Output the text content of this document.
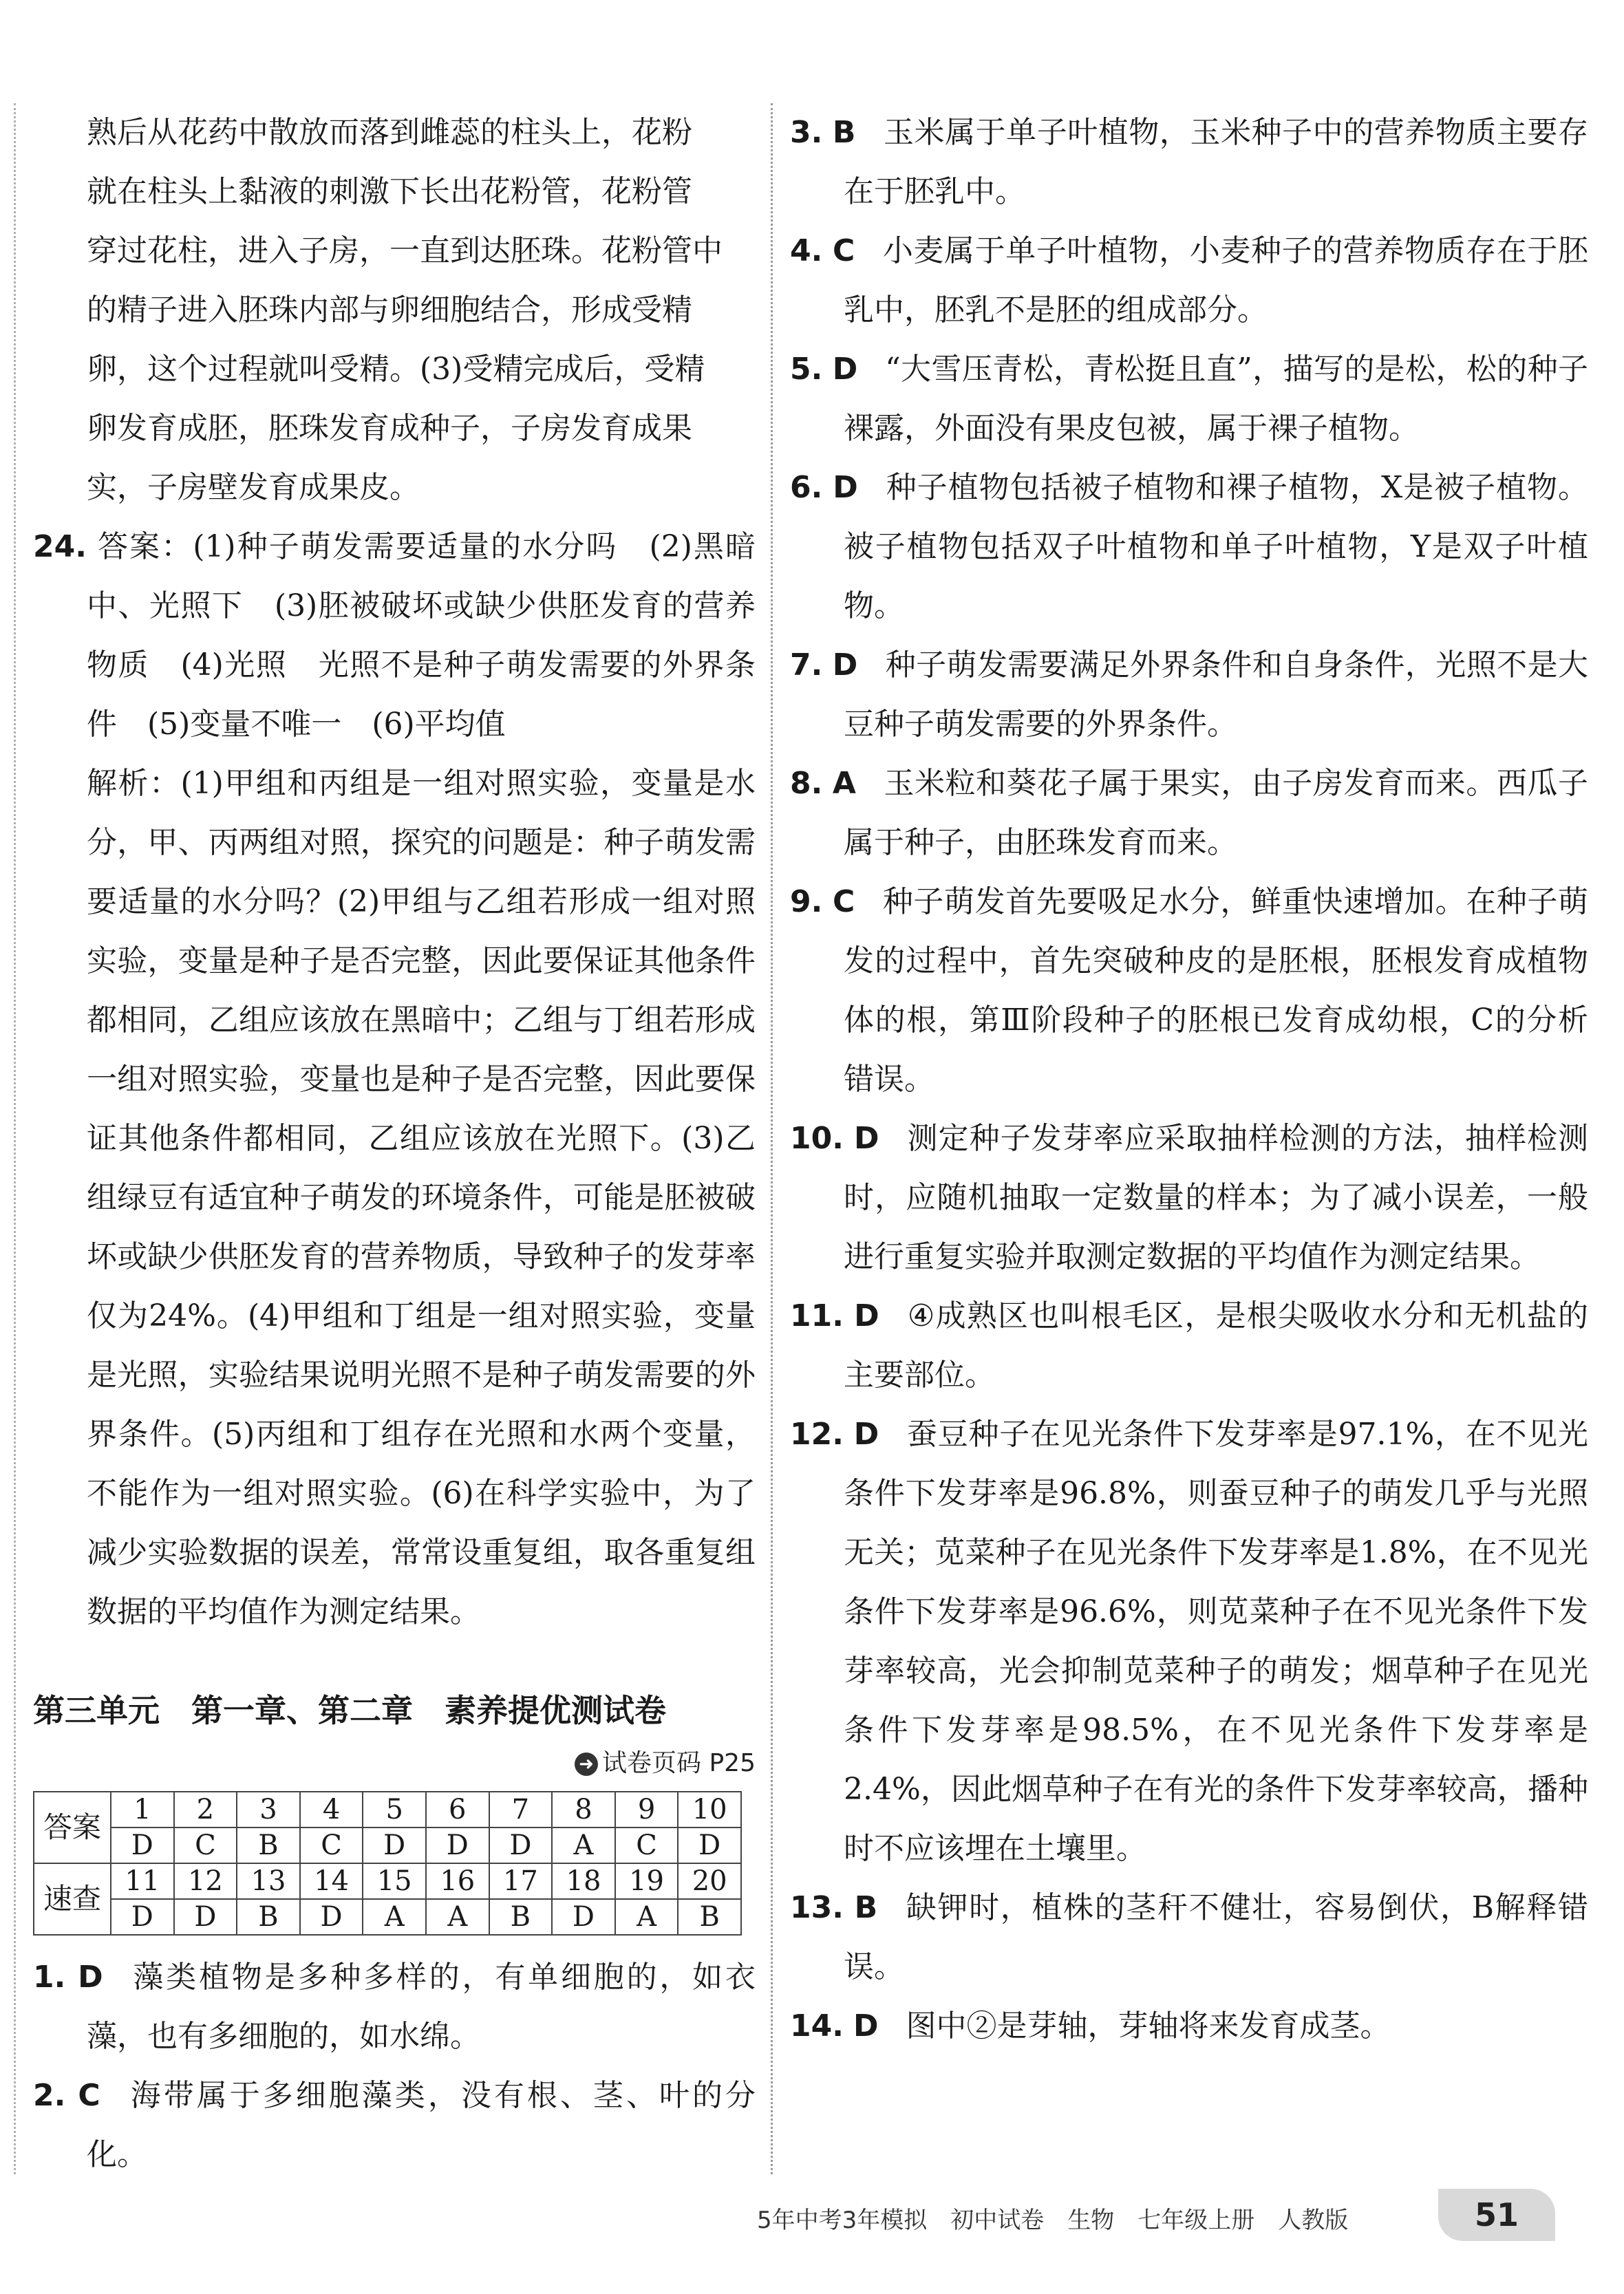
熟后从花药中散放而落到雌蕊的柱头上，花粉

就在柱头上黏液的刺激下长出花粉管，花粉管

穿过花柱，进入子房，一直到达胚珠。花粉管中

的精子进入胚珠内部与卵细胞结合，形成受精

卵，这个过程就叫受精。(3)受精完成后，受精

卵发育成胚，胚珠发育成种子，子房发育成果

实，子房壁发育成果皮。

24. 答案：(1)种子萌发需要适量的水分吗　(2)黑暗中、光照下　(3)胚被破坏或缺少供胚发育的营养物质　(4)光照　光照不是种子萌发需要的外界条件　(5)变量不唯一　(6)平均值

解析：(1)甲组和丙组是一组对照实验，变量是水分，甲、丙两组对照，探究的问题是：种子萌发需要适量的水分吗？(2)甲组与乙组若形成一组对照实验，变量是种子是否完整，因此要保证其他条件都相同，乙组应该放在黑暗中；乙组与丁组若形成一组对照实验，变量也是种子是否完整，因此要保证其他条件都相同，乙组应该放在光照下。(3)乙组绿豆有适宜种子萌发的环境条件，可能是胚被破坏或缺少供胚发育的营养物质，导致种子的发芽率仅为24%。(4)甲组和丁组是一组对照实验，变量是光照，实验结果说明光照不是种子萌发需要的外界条件。(5)丙组和丁组存在光照和水两个变量，不能作为一组对照实验。(6)在科学实验中，为了减少实验数据的误差，常常设重复组，取各重复组数据的平均值作为测定结果。

第三单元　第一章、第二章　素养提优测试卷
➜ 试卷页码 P25
答案	1	2	3	4	5	6	7	8	9	10
	D	C	B	C	D	D	D	A	C	D
速查	11	12	13	14	15	16	17	18	19	20
	D	D	B	D	A	A	B	D	A	B

1. D 藻类植物是多种多样的，有单细胞的，如衣藻，也有多细胞的，如水绵。

2. C 海带属于多细胞藻类，没有根、茎、叶的分化。

3. B 玉米属于单子叶植物，玉米种子中的营养物质主要存在于胚乳中。

4. C 小麦属于单子叶植物，小麦种子的营养物质存在于胚乳中，胚乳不是胚的组成部分。

5. D “大雪压青松，青松挺且直”，描写的是松，松的种子裸露，外面没有果皮包被，属于裸子植物。

6. D 种子植物包括被子植物和裸子植物，X是被子植物。被子植物包括双子叶植物和单子叶植物，Y是双子叶植物。

7. D 种子萌发需要满足外界条件和自身条件，光照不是大豆种子萌发需要的外界条件。

8. A 玉米粒和葵花子属于果实，由子房发育而来。西瓜子属于种子，由胚珠发育而来。

9. C 种子萌发首先要吸足水分，鲜重快速增加。在种子萌发的过程中，首先突破种皮的是胚根，胚根发育成植物体的根，第Ⅲ阶段种子的胚根已发育成幼根，C的分析错误。

10. D 测定种子发芽率应采取抽样检测的方法，抽样检测时，应随机抽取一定数量的样本；为了减小误差，一般进行重复实验并取测定数据的平均值作为测定结果。

11. D ④成熟区也叫根毛区，是根尖吸收水分和无机盐的主要部位。

12. D 蚕豆种子在见光条件下发芽率是97.1%，在不见光条件下发芽率是96.8%，则蚕豆种子的萌发几乎与光照无关；苋菜种子在见光条件下发芽率是1.8%，在不见光条件下发芽率是96.6%，则苋菜种子在不见光条件下发芽率较高，光会抑制苋菜种子的萌发；烟草种子在见光条件下发芽率是98.5%，在不见光条件下发芽率是2.4%，因此烟草种子在有光的条件下发芽率较高，播种时不应该埋在土壤里。

13. B 缺钾时，植株的茎秆不健壮，容易倒伏，B解释错误。

14. D 图中②是芽轴，芽轴将来发育成茎。

5年中考3年模拟　初中试卷　生物　七年级上册　人教版	51
